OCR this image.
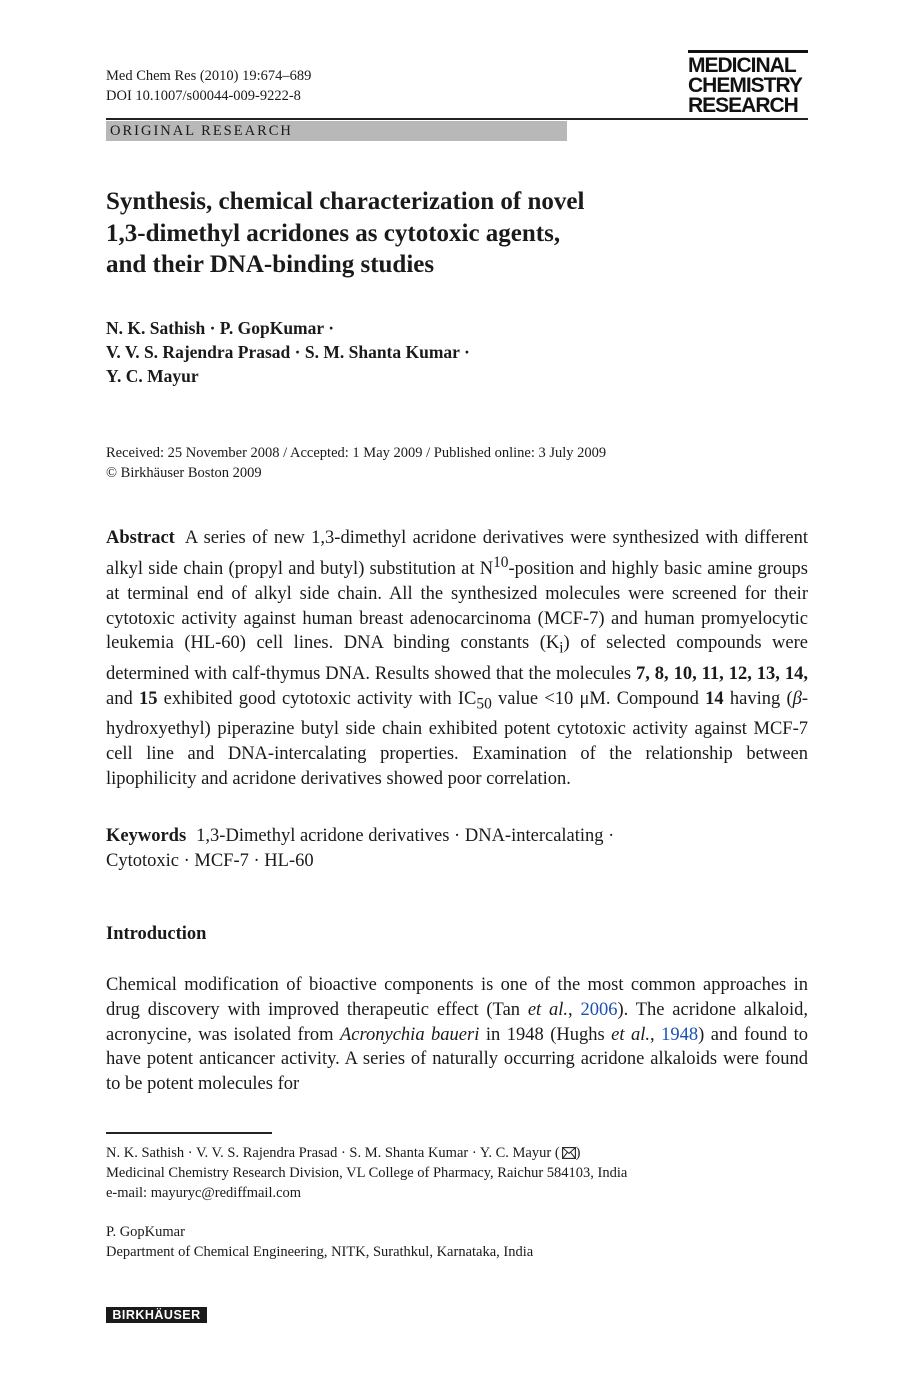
Med Chem Res (2010) 19:674–689
DOI 10.1007/s00044-009-9222-8
MEDICINAL
CHEMISTRY
RESEARCH
ORIGINAL RESEARCH
Synthesis, chemical characterization of novel
1,3-dimethyl acridones as cytotoxic agents,
and their DNA-binding studies
N. K. Sathish · P. GopKumar ·
V. V. S. Rajendra Prasad · S. M. Shanta Kumar ·
Y. C. Mayur
Received: 25 November 2008 / Accepted: 1 May 2009 / Published online: 3 July 2009
© Birkhäuser Boston 2009
Abstract A series of new 1,3-dimethyl acridone derivatives were synthesized with different alkyl side chain (propyl and butyl) substitution at $N^{10}$-position and highly basic amine groups at terminal end of alkyl side chain. All the synthesized molecules were screened for their cytotoxic activity against human breast adenocarcinoma (MCF-7) and human promyelocytic leukemia (HL-60) cell lines. DNA binding constants $(K_i)$ of selected compounds were determined with calf-thymus DNA. Results showed that the molecules 7, 8, 10, 11, 12, 13, 14, and 15 exhibited good cytotoxic activity with $IC_{50}$ value <10 μM. Compound 14 having (β-hydroxyethyl) piperazine butyl side chain exhibited potent cytotoxic activity against MCF-7 cell line and DNA-intercalating properties. Examination of the relationship between lipophilicity and acridone derivatives showed poor correlation.
Keywords 1,3-Dimethyl acridone derivatives · DNA-intercalating ·
Cytotoxic · MCF-7 · HL-60
Introduction
Chemical modification of bioactive components is one of the most common approaches in drug discovery with improved therapeutic effect (Tan et al., 2006). The acridone alkaloid, acronycine, was isolated from Acronychia baueri in 1948 (Hughs et al., 1948) and found to have potent anticancer activity. A series of naturally occurring acridone alkaloids were found to be potent molecules for
N. K. Sathish · V. V. S. Rajendra Prasad · S. M. Shanta Kumar · Y. C. Mayur ( )
Medicinal Chemistry Research Division, VL College of Pharmacy, Raichur 584103, India
e-mail: mayuryc@rediffmail.com
P. GopKumar
Department of Chemical Engineering, NITK, Surathkul, Karnataka, India
BIRKHÄUSER
